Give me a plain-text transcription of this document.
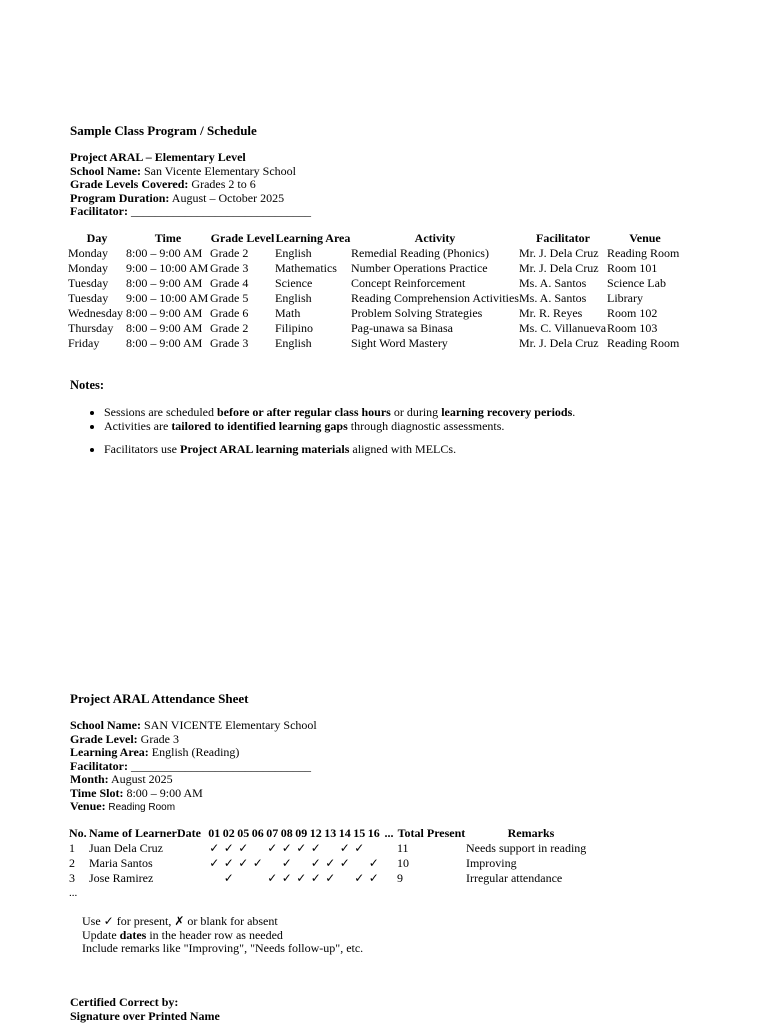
Sample Class Program / Schedule
Project ARAL – Elementary Level
School Name: San Vicente Elementary School
Grade Levels Covered: Grades 2 to 6
Program Duration: August – October 2025
Facilitator: ______________________________
Day	Time	Grade Level	Learning Area	Activity	Facilitator	Venue
Monday	8:00 – 9:00 AM	Grade 2	English	Remedial Reading (Phonics)	Mr. J. Dela Cruz	Reading Room
Monday	9:00 – 10:00 AM	Grade 3	Mathematics	Number Operations Practice	Mr. J. Dela Cruz	Room 101
Tuesday	8:00 – 9:00 AM	Grade 4	Science	Concept Reinforcement	Ms. A. Santos	Science Lab
Tuesday	9:00 – 10:00 AM	Grade 5	English	Reading Comprehension Activities	Ms. A. Santos	Library
Wednesday	8:00 – 9:00 AM	Grade 6	Math	Problem Solving Strategies	Mr. R. Reyes	Room 102
Thursday	8:00 – 9:00 AM	Grade 2	Filipino	Pag-unawa sa Binasa	Ms. C. Villanueva	Room 103
Friday	8:00 – 9:00 AM	Grade 3	English	Sight Word Mastery	Mr. J. Dela Cruz	Reading Room
Notes:
• Sessions are scheduled before or after regular class hours or during learning recovery periods.
• Activities are tailored to identified learning gaps through diagnostic assessments.
• Facilitators use Project ARAL learning materials aligned with MELCs.
Project ARAL Attendance Sheet
School Name: SAN VICENTE Elementary School
Grade Level: Grade 3
Learning Area: English (Reading)
Facilitator: ______________________________
Month: August 2025
Time Slot: 8:00 – 9:00 AM
Venue: Reading Room
No.	Name of Learner	Date	01	02	05	06	07	08	09	12	13	14	15	16	...	Total Present	Remarks
1	Juan Dela Cruz		✓	✓	✓		✓	✓	✓	✓		✓	✓			11	Needs support in reading
2	Maria Santos		✓	✓	✓	✓		✓		✓	✓	✓		✓		10	Improving
3	Jose Ramirez			✓			✓	✓	✓	✓	✓		✓	✓		9	Irregular attendance
...
Use ✓ for present, ✗ or blank for absent
Update dates in the header row as needed
Include remarks like "Improving", "Needs follow-up", etc.
Certified Correct by:
Signature over Printed Name
